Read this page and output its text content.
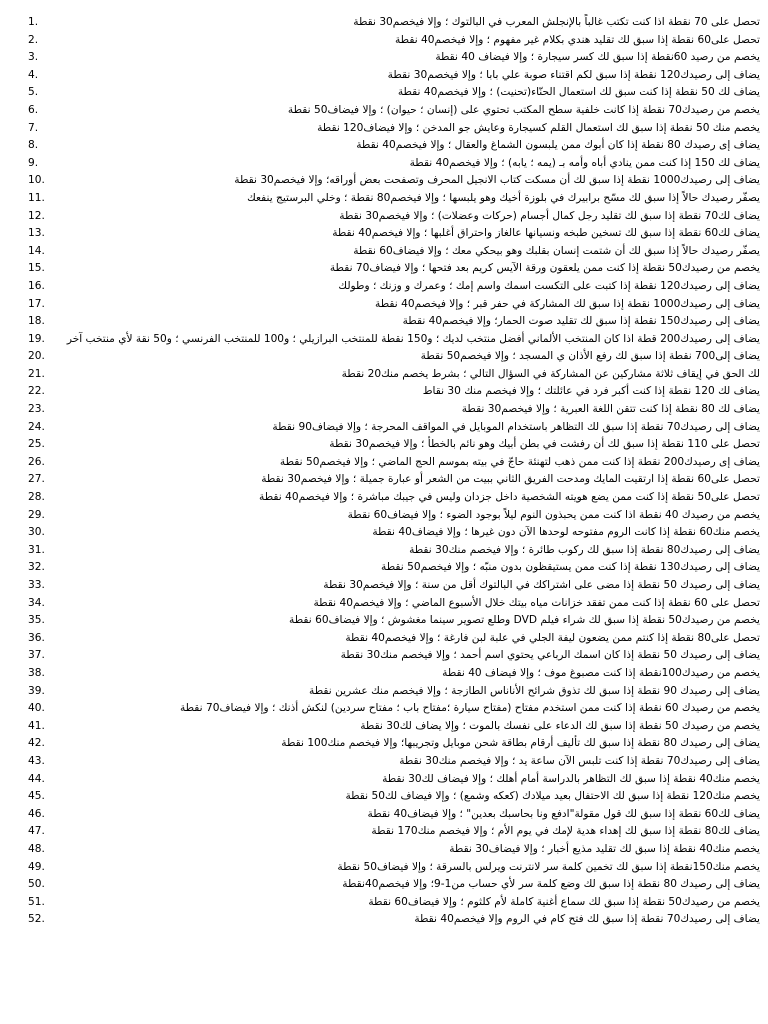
تحصل على 70 نقطة اذا كنت تكتب غالباً بالإنجلش المعرب في البالتوك ؛ وإلا فيخصم30 نقطة
1.
تحصل على60 نقطة إذا سبق لك تقليد هندي بكلام غير مفهوم ؛ وإلا فيخصم40 نقطة
2.
يخصم من رصيد 60نقطة إذا سبق لك كسر سيجارة ؛ وإلا فيضاف 40 نقطة
3.
يضاف إلى رصيدك120 نقطة إذا سبق لكم اقتناء صوبة علي بابا ؛ وإلا فيخصم30 نقطة
4.
يضاف لك 50 نقطة إذا كنت سبق لك استعمال الحنّاء(تحنيت) ؛ وإلا فيخصم40 نقطة
5.
يخصم من رصيدك70 نقطة إذا كانت خلفية سطح المكتب تحتوي على (إنسان ؛ حيوان) ؛ وإلا فيضاف50 نقطة
6.
يخصم منك 50 نقطة إذا سبق لك استعمال القلم كسيجارة وعايش جو المدخن ؛ وإلا فيضاف120 نقطة
7.
يضاف إى رصيدك 80 نقطة إذا كان أبوك ممن يلبسون الشماغ والعقال ؛ وإلا فيخصم40 نقطة
8.
يضاف لك 150 إذا كنت ممن ينادي أباه وأمه بـ (يمه ؛ يابه) ؛ وإلا فيخصم40 نقطة
9.
يضاف إلى رصيدك1000 نقطة إذا سبق لك أن مسكت كتاب الانجيل المحرف وتصفحت بعض أوراقه؛ وإلا فيخصم30 نقطة
10.
يصفّر رصيدك حالاً إذا سبق لك مسّح برابيرك في بلوزة أخيك وهو يلبسها ؛ وإلا فيخصم80 نقطة ؛ وخلي البرستيج ينفعك
11.
يضاف لك70 نقطة إذا سبق لك تقليد رجل كمال أجسام (حركات وعضلات) ؛ وإلا فيخصم30 نقطة
12.
يضاف لك60 نقطة إذا سبق لك تسخين طبخه ونسيانها عالغاز واحتراق أغلبها ؛ وإلا فيخصم40 نقطة
13.
يصفّر رصيدك حالاً إذا سبق لك أن شتمت إنسان بقلبك وهو بيحكي معك ؛ وإلا فيضاف60 نقطة
14.
يخصم من رصيدك50 نقطة إذا كنت ممن يلعقون ورقة الآيس كريم بعد فتحها ؛ وإلا فيضاف70 نقطة
15.
يضاف إلى رصيدك120 نقطة إذا كتبت على التكست اسمك واسم إمك ؛ وعمرك و وزنك ؛ وطولك
16.
يضاف إلى رصيدك1000 نقطة إذا سبق لك المشاركة في حفر قبر ؛ وإلا فيخصم40 نقطة
17.
يضاف إلى رصيدك150 نقطة إذا سبق لك تقليد صوت الحمار؛ وإلا فيخصم40 نقطة
18.
يضاف إلى رصيدك200 قطة اذا كان المنتخب الألماني أفضل منتخب لديك ؛ و150 نقطة للمنتخب البرازيلي ؛ و100 للمنتخب الفرنسي ؛ و50 نقة لأي منتخب آخر
19.
يضاف إلى700 نقطة إذا سبق لك رفع الأذان ي المسجد ؛ وإلا فيخصم50 نقطة
20.
لك الحق في إيقاف ثلاثة مشاركين عن المشاركة في السؤال التالي ؛ بشرط يخصم منك20 نقطة
21.
يضاف لك 120 نقطة إذا كنت أكبر فرد في عائلتك ؛ وإلا فيخصم منك 30 نقاط
22.
يضاف لك 80 نقطة إذا كنت تتقن اللغة العبرية ؛ وإلا فيخصم30 نقطة
23.
يضاف إلى رصيدك70 نقطة إذا سبق لك التظاهر باستخدام الموبايل في المواقف المحرجة ؛ وإلا فيضاف90 نقطة
24.
تحصل على 110 نقطة إذا سبق لك أن رفشت في بطن أبيك وهو نائم بالخطأ ؛ وإلا فيخصم30 نقطة
25.
يضاف إى رصيدك200 نقطة إذا كنت ممن ذهب لتهنئة حاجّ في بيته بموسم الحج الماضي ؛ وإلا فيخصم50 نقطة
26.
تحصل على60 نقطة إذا ارتقيت المايك ومدحت الفريق الثاني ببيت من الشعر أو عبارة جميلة ؛ وإلا فيخصم30 نقطة
27.
تحصل على50 نقطة إذا كنت ممن يضع هويته الشخصية داخل جزدان وليس في جيبك مباشرة ؛ وإلا فيخصم40 نقطة
28.
يخصم من رصيدك 40 نقطة اذا كنت ممن يحبذون النوم ليلاً بوجود الضوء ؛ وإلا فيضاف60 نقطة
29.
يخصم منك60 نقطة إذا كانت الروم مفتوحه لوحدها الآن دون غيرها ؛ وإلا فيضاف40 نقطة
30.
يضاف إلى رصيدك80 نقطة إذا سبق لك ركوب طائرة ؛ وإلا فيخصم منك30 نقطة
31.
يضاف إلى رصيدك130 نقطة إذا كنت ممن يستيقظون بدون منبّه ؛ وإلا فيخصم50 نقطة
32.
يضاف إلى رصيدك 50 نقطة إذا مضى على اشتراكك في البالتوك أقل من سنة ؛ وإلا فيخصم30 نقطة
33.
تحصل على 60 نقطة إذا كنت ممن تفقد خزانات مياه بيتك خلال الأسبوع الماضي ؛ وإلا فيخصم40 نقطة
34.
يخصم من رصيدك50 نقطة إذا سبق لك شراء فيلم DVD وطلع تصوير سينما مغشوش ؛ وإلا فيضاف60 نقطة
35.
تحصل على80 نقطة إذا كنتم ممن يضعون ليفة الجلي في علبة لبن فارغة ؛ وإلا فيخصم40 نقطة
36.
يضاف إلى رصيدك 50 نقطة إذا كان اسمك الرباعي يحتوي اسم أحمد ؛ وإلا فيخصم منك30 نقطة
37.
يخصم من رصيدك100نقطة إذا كنت مصبوغ موف ؛ وإلا فيضاف 40 نقطة
38.
يضاف إلى رصيدك 90 نقطة إذا سبق لك تذوق شرائح الأناناس الطازجة ؛ وإلا فيخصم منك عشرين نقطة
39.
يخصم من رصيدك 60 نقطة إذا كنت ممن استخدم مفتاح (مفتاح سيارة ؛مفتاح باب ؛ مفتاح سردين) لنكش أذنك ؛ وإلا فيضاف70 نقطة
40.
يخصم من رصيدك 50 نقطة إذا سبق لك الدعاء على نفسك بالموت ؛ وإلا يضاف لك30 نقطة
41.
يضاف إلى رصيدك 80 نقطة إذا سبق لك تأليف أرقام بطاقة شحن موبايل وتجريبها؛ وإلا فيخصم منك100 نقطة
42.
يضاف إلى رصيدك70 نقطة إذا كنت تلبس الآن ساعة يد ؛ وإلا فيخصم منك30 نقطة
43.
يخصم منك40 نقطة إذا سبق لك التظاهر بالدراسة أمام أهلك ؛ وإلا فيضاف لك30 نقطة
44.
يخصم منك120 نقطة إذا سبق لك الاحتفال بعيد ميلادك (كعكه وشمع) ؛ وإلا فيضاف لك50 نقطة
45.
يضاف لك60 نقطة إذا سبق لك قول مقولة"ادفع ونا بحاسبك بعدين" ؛ وإلا فيضاف40 نقطة
46.
يضاف لك80 نقطة إذا سبق لك إهداء هدية لإمك في يوم الأم ؛ وإلا فيخصم منك170 نقطة
47.
يخصم منك40 نقطة إذا سبق لك تقليد مذيع أخبار ؛ وإلا فيضاف30 نقطة
48.
يخصم منك150نقطة إذا سبق لك تخمين كلمة سر لانترنت ويرلس بالسرقة ؛ وإلا فيضاف50 نقطة
49.
يضاف إلى رصيدك 80 نقطة إذا سبق لك وضع كلمة سر لأي حساب من1-9؛ وإلا فيخصم40نقطة
50.
يخصم من رصيدك50 نقطة إذا سبق لك سماع أغنية كاملة لأم كلثوم ؛ وإلا فيضاف60 نقطة
51.
يضاف إلى رصيدك70 نقطة إذا سبق لك فتح كام في الروم وإلا فيخصم40 نقطة
52.
